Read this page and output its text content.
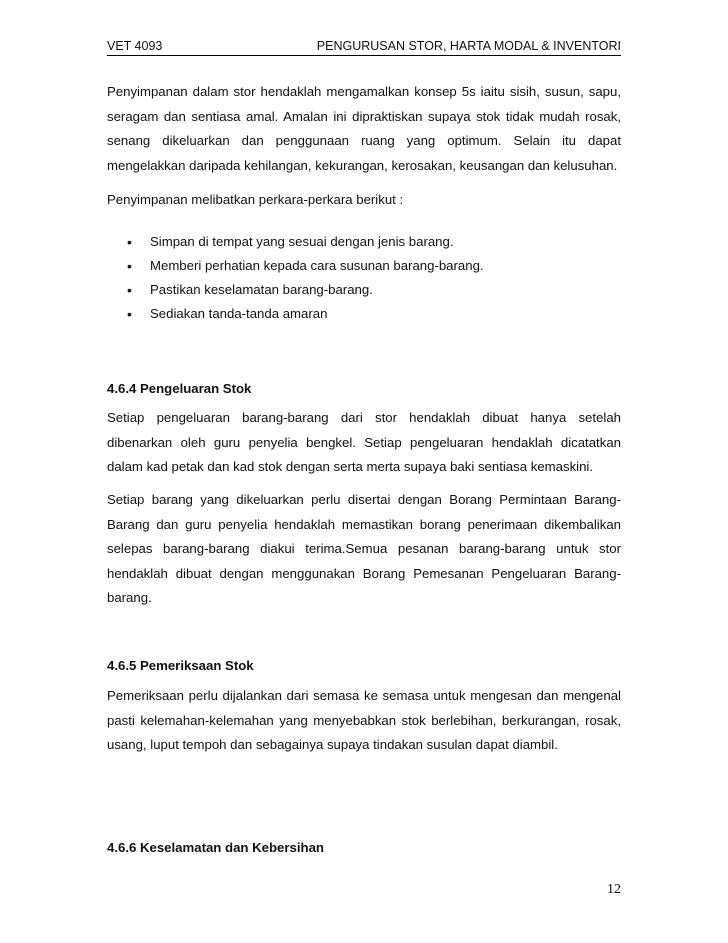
VET 4093	PENGURUSAN STOR, HARTA MODAL & INVENTORI

Penyimpanan dalam stor hendaklah mengamalkan konsep 5s iaitu sisih, susun, sapu, seragam dan sentiasa amal. Amalan ini dipraktiskan supaya stok tidak mudah rosak, senang dikeluarkan dan penggunaan ruang yang optimum. Selain itu dapat mengelakkan daripada kehilangan, kekurangan, kerosakan, keusangan dan kelusuhan.

Penyimpanan melibatkan perkara-perkara berikut :

• Simpan di tempat yang sesuai dengan jenis barang.
• Memberi perhatian kepada cara susunan barang-barang.
• Pastikan keselamatan barang-barang.
• Sediakan tanda-tanda amaran
4.6.4 Pengeluaran Stok

Setiap pengeluaran barang-barang dari stor hendaklah dibuat hanya setelah dibenarkan oleh guru penyelia bengkel. Setiap pengeluaran hendaklah dicatatkan dalam kad petak dan kad stok dengan serta merta supaya baki sentiasa kemaskini.

Setiap barang yang dikeluarkan perlu disertai dengan Borang Permintaan Barang-Barang dan guru penyelia hendaklah memastikan borang penerimaan dikembalikan selepas barang-barang diakui terima.Semua pesanan barang-barang untuk stor hendaklah dibuat dengan menggunakan Borang Pemesanan Pengeluaran Barang-barang.

4.6.5 Pemeriksaan Stok

Pemeriksaan perlu dijalankan dari semasa ke semasa untuk mengesan dan mengenal pasti kelemahan-kelemahan yang menyebabkan stok berlebihan, berkurangan, rosak, usang, luput tempoh dan sebagainya supaya tindakan susulan dapat diambil.

4.6.6 Keselamatan dan Kebersihan
12
